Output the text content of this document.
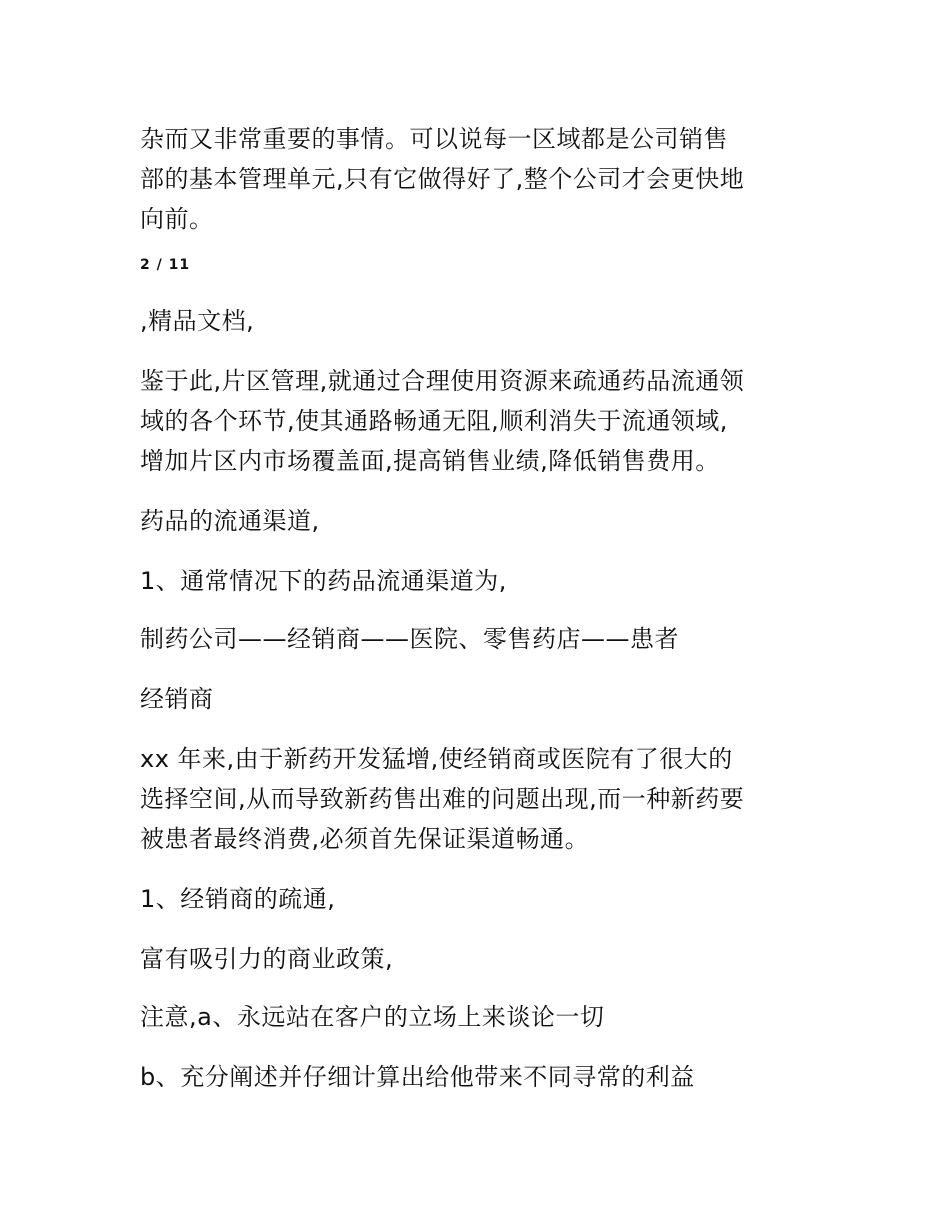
杂而又非常重要的事情。可以说每一区域都是公司销售
部的基本管理单元,只有它做得好了,整个公司才会更快地
向前。
2 / 11
,精品文档,
鉴于此,片区管理,就通过合理使用资源来疏通药品流通领
域的各个环节,使其通路畅通无阻,顺利消失于流通领域,
增加片区内市场覆盖面,提高销售业绩,降低销售费用。
药品的流通渠道,
1、通常情况下的药品流通渠道为,
制药公司——经销商——医院、零售药店——患者
经销商
xx 年来,由于新药开发猛增,使经销商或医院有了很大的
选择空间,从而导致新药售出难的问题出现,而一种新药要
被患者最终消费,必须首先保证渠道畅通。
1、经销商的疏通,
富有吸引力的商业政策,
注意,a、永远站在客户的立场上来谈论一切
b、充分阐述并仔细计算出给他带来不同寻常的利益
